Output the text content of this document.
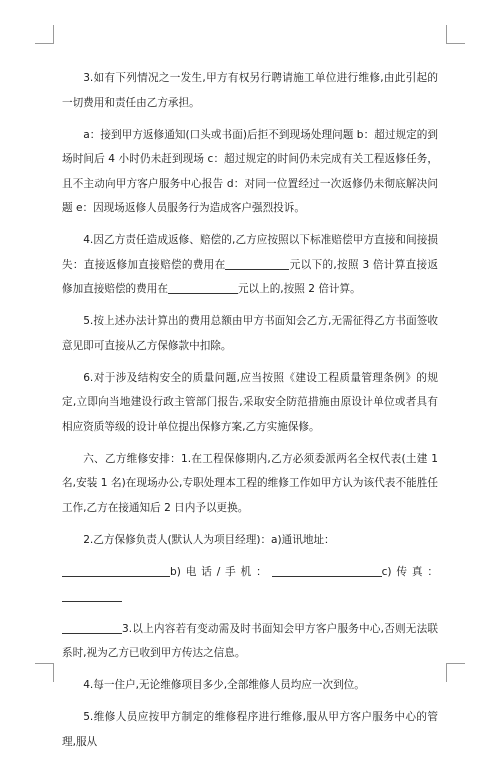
3.如有下列情况之一发生,甲方有权另行聘请施工单位进行维修,由此引起的一切费用和责任由乙方承担。

a：接到甲方返修通知(口头或书面)后拒不到现场处理问题 b：超过规定的到场时间后 4 小时仍未赶到现场 c：超过规定的时间仍未完成有关工程返修任务，且不主动向甲方客户服务中心报告 d：对同一位置经过一次返修仍未彻底解决问题 e：因现场返修人员服务行为造成客户强烈投诉。

4.因乙方责任造成返修、赔偿的,乙方应按照以下标准赔偿甲方直接和间接损失：直接返修加直接赔偿的费用在	元以下的,按照 3 倍计算直接返修加直接赔偿的费用在	元以上的,按照 2 倍计算。

5.按上述办法计算出的费用总额由甲方书面知会乙方,无需征得乙方书面签收意见即可直接从乙方保修款中扣除。

6.对于涉及结构安全的质量问题,应当按照《建设工程质量管理条例》的规定,立即向当地建设行政主管部门报告,采取安全防范措施由原设计单位或者具有相应资质等级的设计单位提出保修方案,乙方实施保修。

六、乙方维修安排：1.在工程保修期内,乙方必须委派两名全权代表(土建 1 名,安装 1 名)在现场办公,专职处理本工程的维修工作如甲方认为该代表不能胜任工作,乙方在接通知后 2 日内予以更换。

2.乙方保修负责人(默认人为项目经理)：a)通讯地址：

b)电话/手机：	c)传真：

3.以上内容若有变动需及时书面知会甲方客户服务中心,否则无法联系时,视为乙方已收到甲方传达之信息。

4.每一住户,无论维修项目多少,全部维修人员均应一次到位。

5.维修人员应按甲方制定的维修程序进行维修,服从甲方客户服务中心的管理,服从
